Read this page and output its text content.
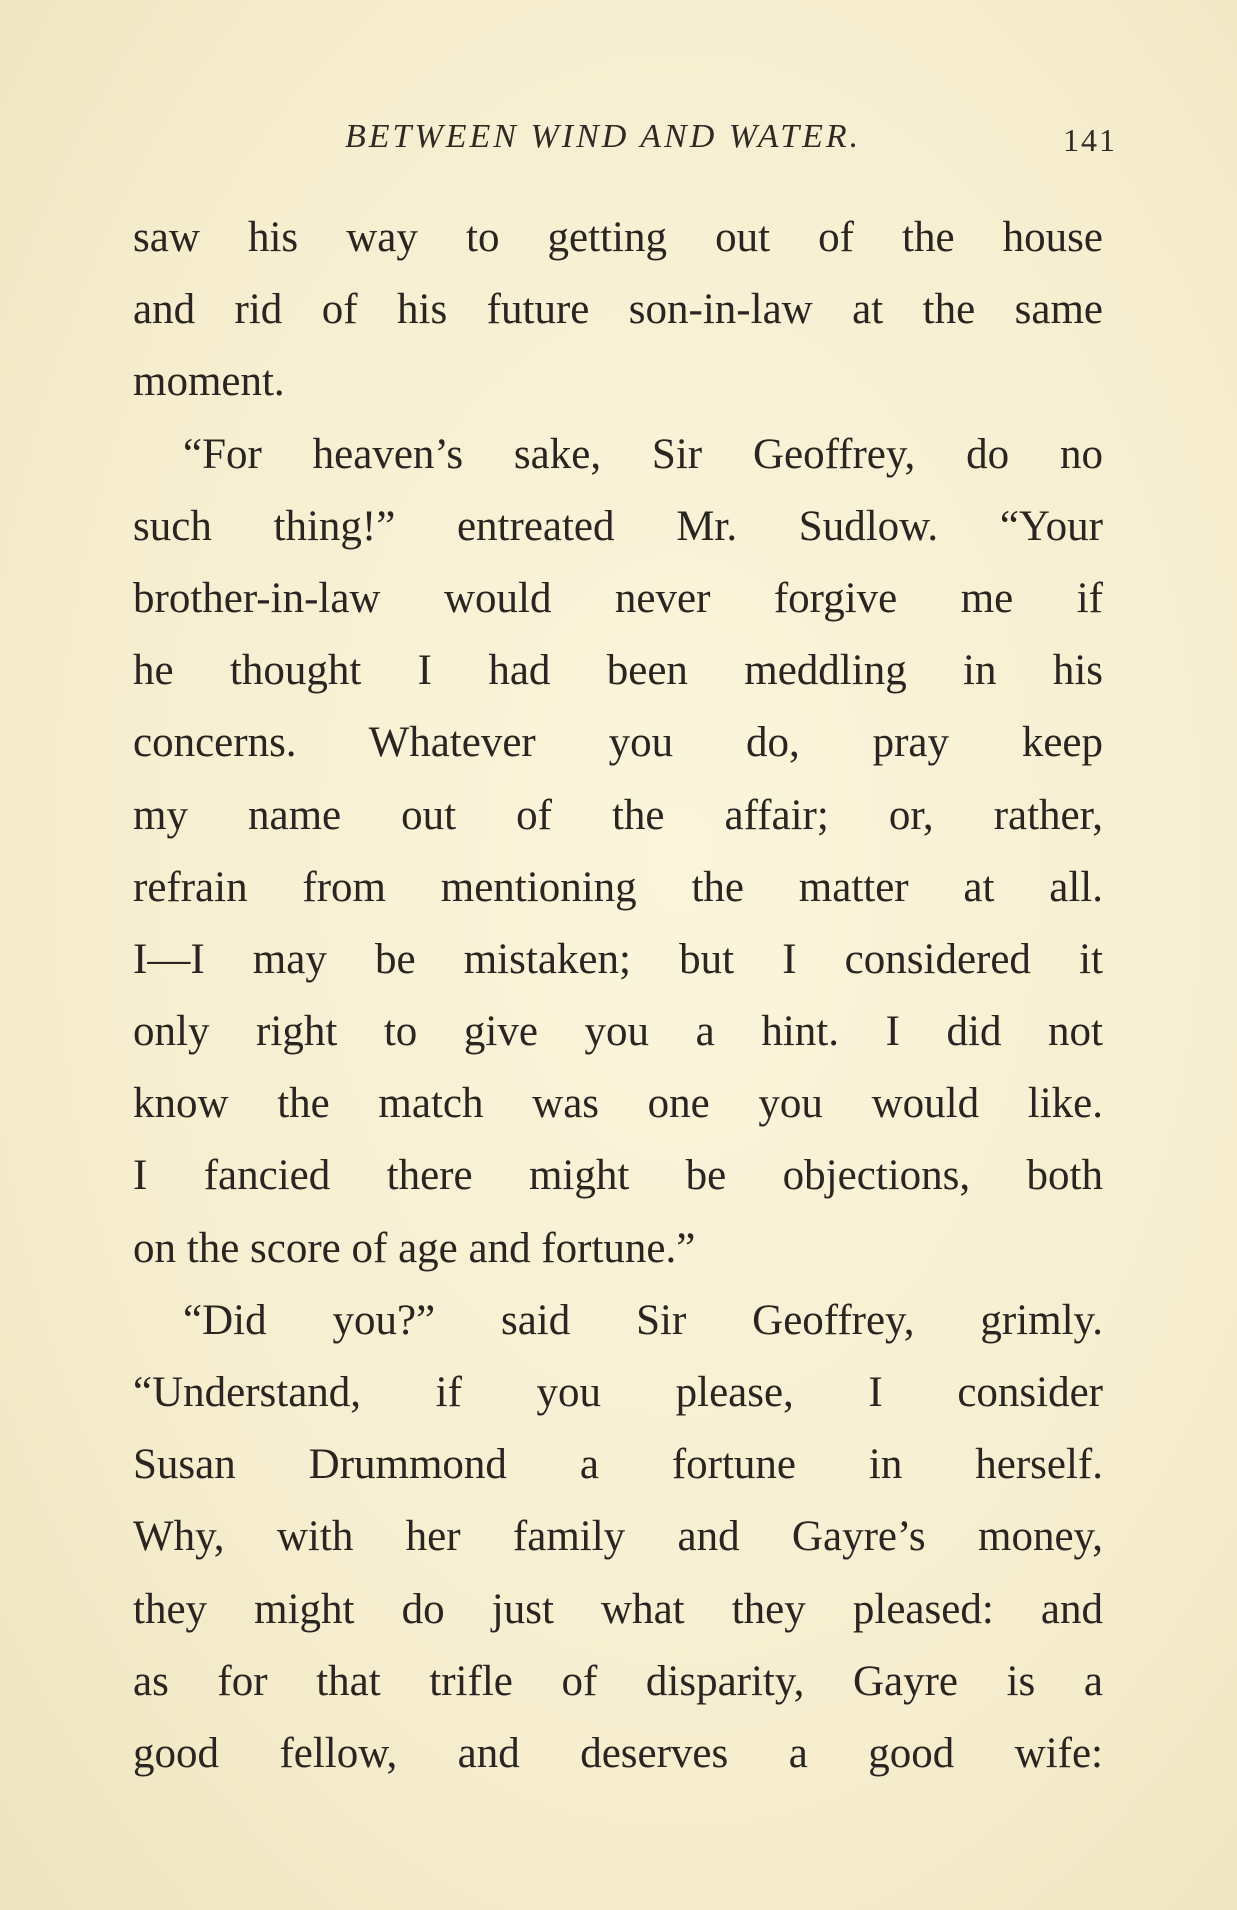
BETWEEN WIND AND WATER.	141
saw his way to getting out of the house
and rid of his future son-in-law at the same
moment.
“For heaven’s sake, Sir Geoffrey, do no
such thing!” entreated Mr. Sudlow. “Your
brother-in-law would never forgive me if
he thought I had been meddling in his
concerns. Whatever you do, pray keep
my name out of the affair; or, rather,
refrain from mentioning the matter at all.
I—I may be mistaken; but I considered it
only right to give you a hint. I did not
know the match was one you would like.
I fancied there might be objections, both
on the score of age and fortune.”
“Did you?” said Sir Geoffrey, grimly.
“Understand, if you please, I consider
Susan Drummond a fortune in herself.
Why, with her family and Gayre’s money,
they might do just what they pleased: and
as for that trifle of disparity, Gayre is a
good fellow, and deserves a good wife:
